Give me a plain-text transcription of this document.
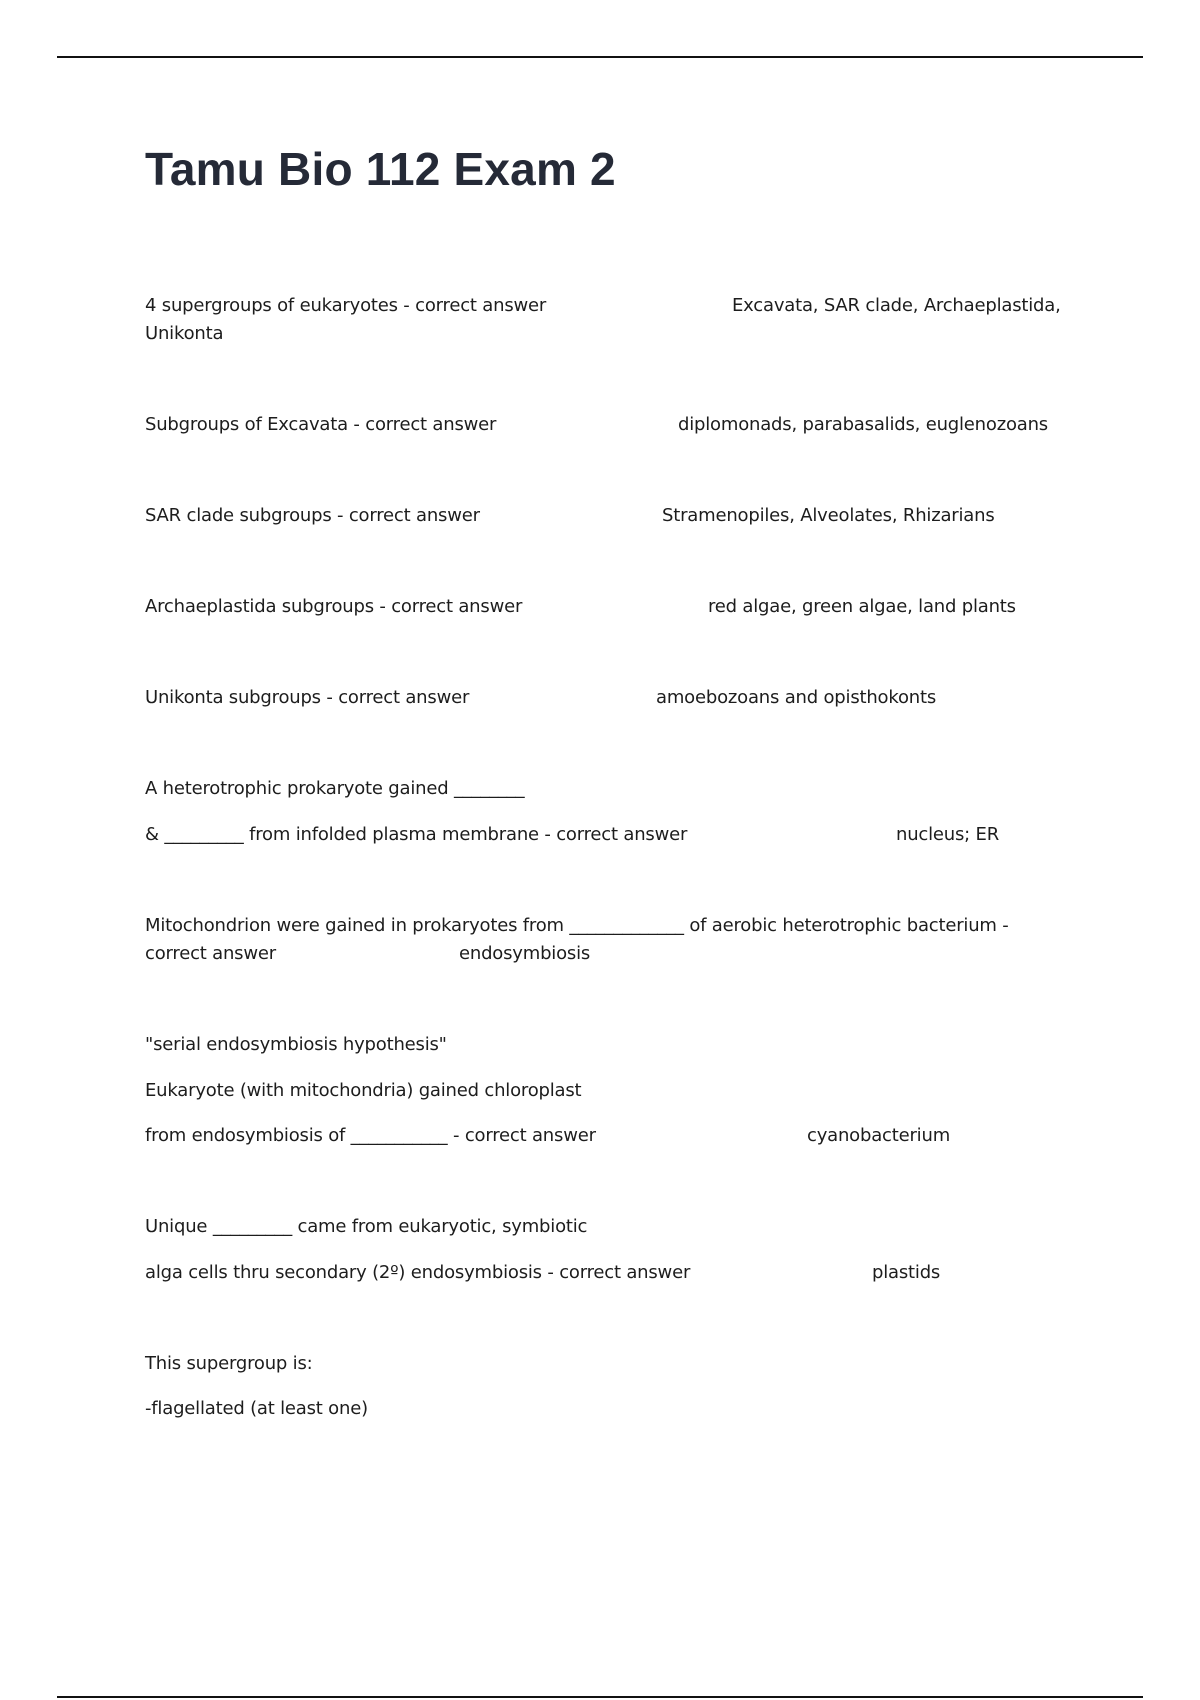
Tamu Bio 112 Exam 2
4 supergroups of eukaryotes - correct answer	Excavata, SAR clade, Archaeplastida,
Unikonta
Subgroups of Excavata - correct answer	diplomonads, parabasalids, euglenozoans
SAR clade subgroups - correct answer	Stramenopiles, Alveolates, Rhizarians
Archaeplastida subgroups - correct answer	red algae, green algae, land plants
Unikonta subgroups - correct answer	amoebozoans and opisthokonts
A heterotrophic prokaryote gained ________
& _________ from infolded plasma membrane - correct answer	nucleus; ER
Mitochondrion were gained in prokaryotes from _____________ of aerobic heterotrophic bacterium -
correct answer	endosymbiosis
"serial endosymbiosis hypothesis"
Eukaryote (with mitochondria) gained chloroplast
from endosymbiosis of ___________ - correct answer	cyanobacterium
Unique _________ came from eukaryotic, symbiotic
alga cells thru secondary (2º) endosymbiosis - correct answer	plastids
This supergroup is:
-flagellated (at least one)
